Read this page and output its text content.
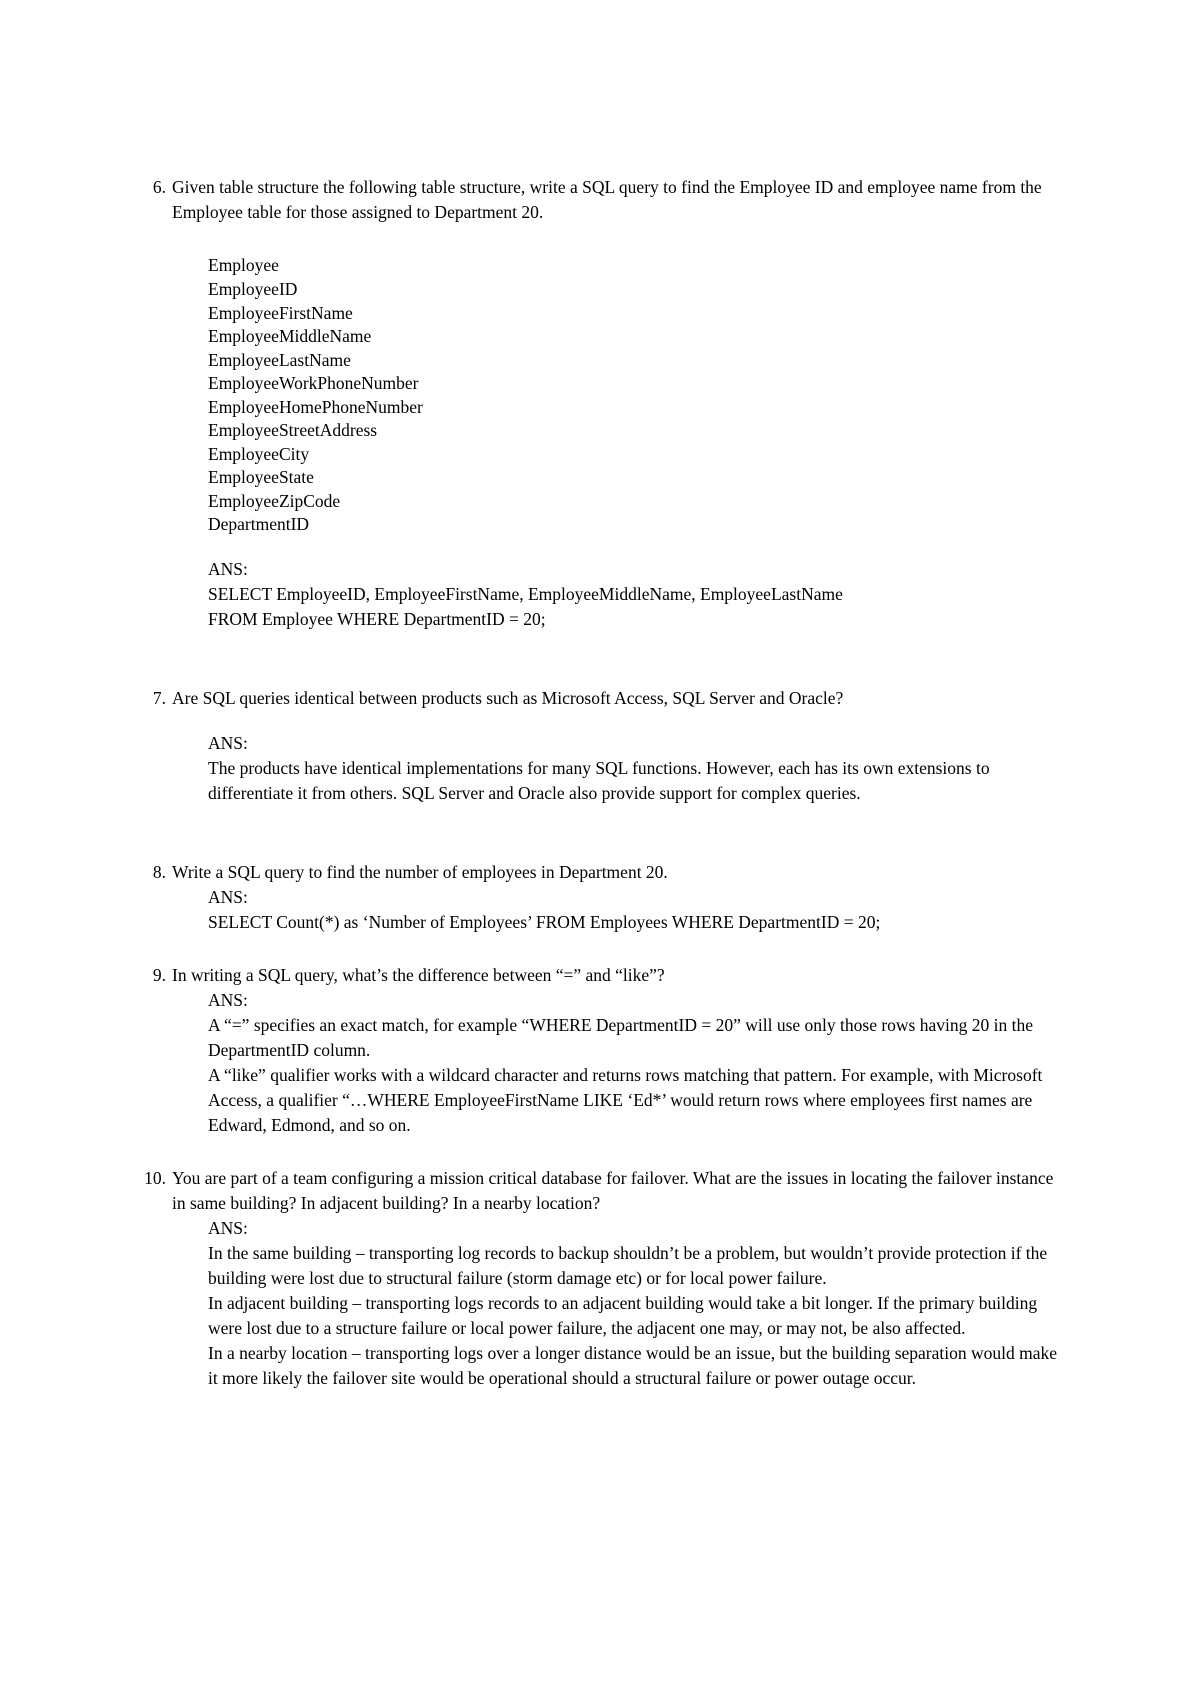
6. Given table structure the following table structure, write a SQL query to find the Employee ID and employee name from the Employee table for those assigned to Department 20.
Employee
EmployeeID
EmployeeFirstName
EmployeeMiddleName
EmployeeLastName
EmployeeWorkPhoneNumber
EmployeeHomePhoneNumber
EmployeeStreetAddress
EmployeeCity
EmployeeState
EmployeeZipCode
DepartmentID
ANS:
SELECT EmployeeID, EmployeeFirstName, EmployeeMiddleName, EmployeeLastName
FROM Employee WHERE DepartmentID = 20;
7. Are SQL queries identical between products such as Microsoft Access, SQL Server and Oracle?
ANS:
The products have identical implementations for many SQL functions. However, each has its own extensions to differentiate it from others. SQL Server and Oracle also provide support for complex queries.
8. Write a SQL query to find the number of employees in Department 20.
ANS:
SELECT Count(*) as ‘Number of Employees’ FROM Employees WHERE DepartmentID = 20;
9. In writing a SQL query, what’s the difference between “=” and “like”?
ANS:
A “=” specifies an exact match, for example “WHERE DepartmentID = 20” will use only those rows having 20 in the DepartmentID column.
A “like” qualifier works with a wildcard character and returns rows matching that pattern. For example, with Microsoft Access, a qualifier “…WHERE EmployeeFirstName LIKE ‘Ed*’ would return rows where employees first names are Edward, Edmond, and so on.
10. You are part of a team configuring a mission critical database for failover. What are the issues in locating the failover instance in same building? In adjacent building? In a nearby location?
ANS:
In the same building – transporting log records to backup shouldn’t be a problem, but wouldn’t provide protection if the building were lost due to structural failure (storm damage etc) or for local power failure.
In adjacent building – transporting logs records to an adjacent building would take a bit longer. If the primary building were lost due to a structure failure or local power failure, the adjacent one may, or may not, be also affected.
In a nearby location – transporting logs over a longer distance would be an issue, but the building separation would make it more likely the failover site would be operational should a structural failure or power outage occur.
